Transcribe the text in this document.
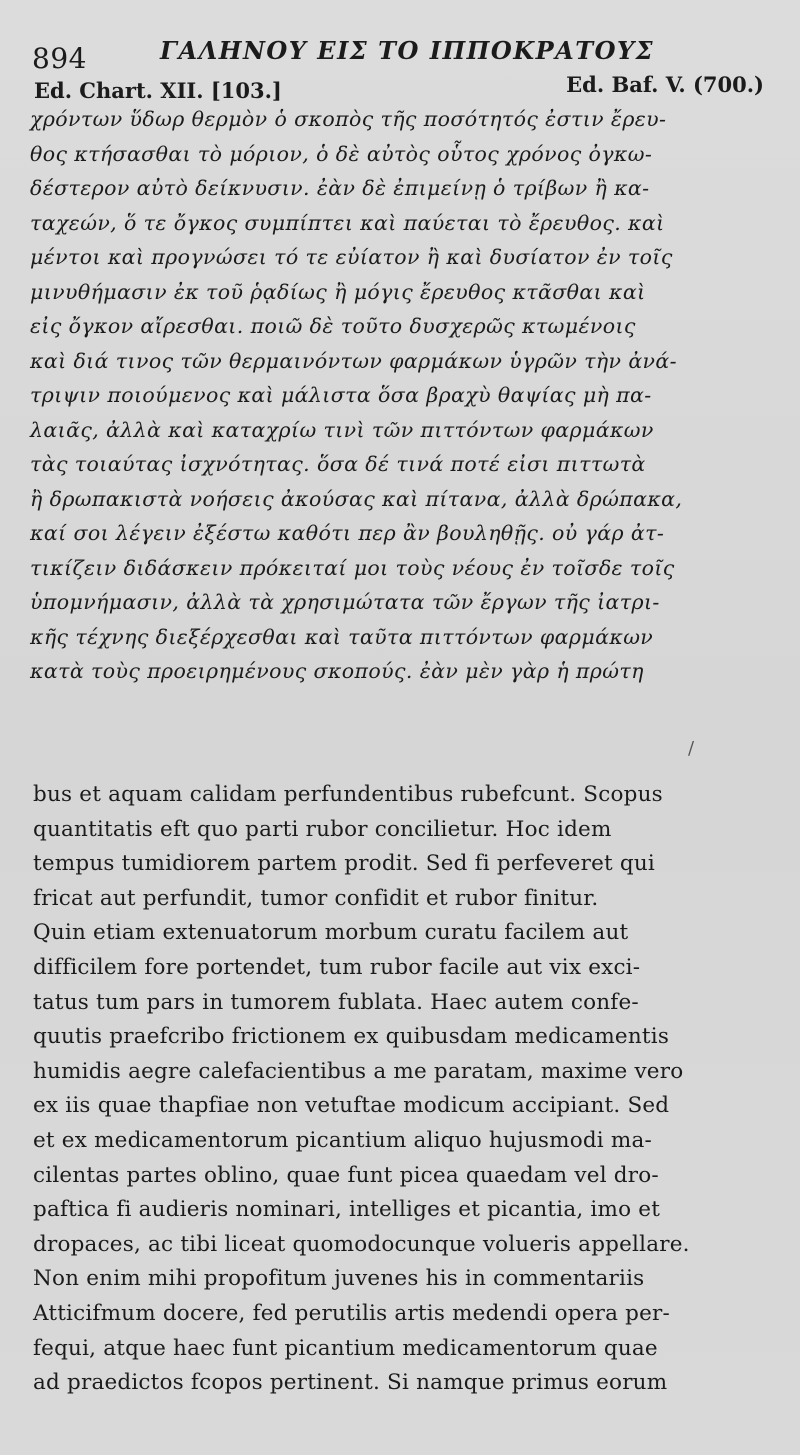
894	ΓΑΛΗΝΟΥ ΕΙΣ ΤΟ ΙΠΠΟΚΡΑΤΟΥΣ
Ed. Chart. XII. [103.]	Ed. Baf. V. (700.)
χρόντων ὕδωρ θερμὸν ὁ σκοπὸς τῆς ποσότητός ἐστιν ἔρευ-
θος κτήσασθαι τὸ μόριον, ὁ δὲ αὐτὸς οὗτος χρόνος ὀγκω-
δέστερον αὐτὸ δείκνυσιν. ἐὰν δὲ ἐπιμείνῃ ὁ τρίβων ἢ κα-
ταχεών, ὅ τε ὄγκος συμπίπτει καὶ παύεται τὸ ἔρευθος. καὶ
μέντοι καὶ προγνώσει τό τε εὐίατον ἢ καὶ δυσίατον ἐν τοῖς
μινυθήμασιν ἐκ τοῦ ῥᾳδίως ἢ μόγις ἔρευθος κτᾶσθαι καὶ
εἰς ὄγκον αἴρεσθαι. ποιῶ δὲ τοῦτο δυσχερῶς κτωμένοις
καὶ διά τινος τῶν θερμαινόντων φαρμάκων ὑγρῶν τὴν ἀνά-
τριψιν ποιούμενος καὶ μάλιστα ὅσα βραχὺ θαψίας μὴ πα-
λαιᾶς, ἀλλὰ καὶ καταχρίω τινὶ τῶν πιττόντων φαρμάκων
τὰς τοιαύτας ἰσχνότητας. ὅσα δέ τινά ποτέ εἰσι πιττωτὰ
ἢ δρωπακιστὰ νοήσεις ἀκούσας καὶ πίτανα, ἀλλὰ δρώπακα,
καί σοι λέγειν ἐξέστω καθότι περ ἂν βουληθῇς. οὐ γάρ ἀτ-
τικίζειν διδάσκειν πρόκειταί μοι τοὺς νέους ἐν τοῖσδε τοῖς
ὑπομνήμασιν, ἀλλὰ τὰ χρησιμώτατα τῶν ἔργων τῆς ἰατρι-
κῆς τέχνης διεξέρχεσθαι καὶ ταῦτα πιττόντων φαρμάκων
κατὰ τοὺς προειρημένους σκοπούς. ἐὰν μὲν γὰρ ἡ πρώτη
/
bus et aquam calidam perfundentibus rubefcunt. Scopus
quantitatis eft quo parti rubor concilietur. Hoc idem
tempus tumidiorem partem prodit. Sed fi perfeveret qui
fricat aut perfundit, tumor confidit et rubor finitur.
Quin etiam extenuatorum morbum curatu facilem aut
difficilem fore portendet, tum rubor facile aut vix exci-
tatus tum pars in tumorem fublata. Haec autem confe-
quutis praefcribo frictionem ex quibusdam medicamentis
humidis aegre calefacientibus a me paratam, maxime vero
ex iis quae thapfiae non vetuftae modicum accipiant. Sed
et ex medicamentorum picantium aliquo hujusmodi ma-
cilentas partes oblino, quae funt picea quaedam vel dro-
paftica fi audieris nominari, intelliges et picantia, imo et
dropaces, ac tibi liceat quomodocunque volueris appellare.
Non enim mihi propofitum juvenes his in commentariis
Atticifmum docere, fed perutilis artis medendi opera per-
fequi, atque haec funt picantium medicamentorum quae
ad praedictos fcopos pertinent. Si namque primus eorum
